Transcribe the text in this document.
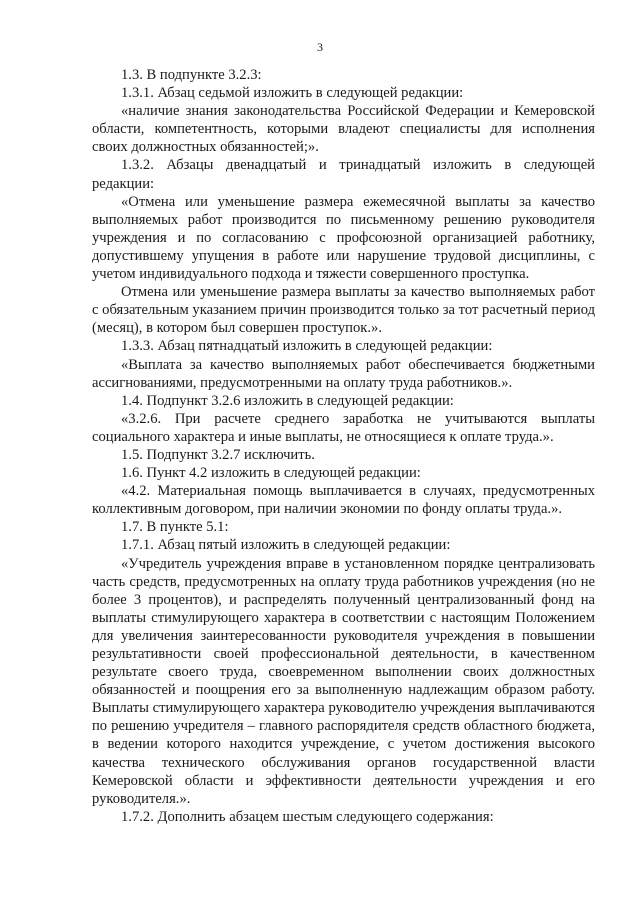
3

1.3. В подпункте 3.2.3:

1.3.1. Абзац седьмой изложить в следующей редакции:

«наличие знания законодательства Российской Федерации и Кемеровской области, компетентность, которыми владеют специалисты для исполнения своих должностных обязанностей;».

1.3.2. Абзацы двенадцатый и тринадцатый изложить в следующей редакции:

«Отмена или уменьшение размера ежемесячной выплаты за качество выполняемых работ производится по письменному решению руководителя учреждения и по согласованию с профсоюзной организацией работнику, допустившему упущения в работе или нарушение трудовой дисциплины, с учетом индивидуального подхода и тяжести совершенного проступка.

Отмена или уменьшение размера выплаты за качество выполняемых работ с обязательным указанием причин производится только за тот расчетный период (месяц), в котором был совершен проступок.».

1.3.3. Абзац пятнадцатый изложить в следующей редакции:

«Выплата за качество выполняемых работ обеспечивается бюджетными ассигнованиями, предусмотренными на оплату труда работников.».

1.4. Подпункт 3.2.6 изложить в следующей редакции:

«3.2.6. При расчете среднего заработка не учитываются выплаты социального характера и иные выплаты, не относящиеся к оплате труда.».

1.5. Подпункт 3.2.7 исключить.

1.6. Пункт 4.2 изложить в следующей редакции:

«4.2. Материальная помощь выплачивается в случаях, предусмотренных коллективным договором, при наличии экономии по фонду оплаты труда.».

1.7. В пункте 5.1:

1.7.1. Абзац пятый изложить в следующей редакции:

«Учредитель учреждения вправе в установленном порядке централизовать часть средств, предусмотренных на оплату труда работников учреждения (но не более 3 процентов), и распределять полученный централизованный фонд на выплаты стимулирующего характера в соответствии с настоящим Положением для увеличения заинтересованности руководителя учреждения в повышении результативности своей профессиональной деятельности, в качественном результате своего труда, своевременном выполнении своих должностных обязанностей и поощрения его за выполненную надлежащим образом работу. Выплаты стимулирующего характера руководителю учреждения выплачиваются по решению учредителя – главного распорядителя средств областного бюджета, в ведении которого находится учреждение, с учетом достижения высокого качества технического обслуживания органов государственной власти Кемеровской области и эффективности деятельности учреждения и его руководителя.».

1.7.2. Дополнить абзацем шестым следующего содержания:
